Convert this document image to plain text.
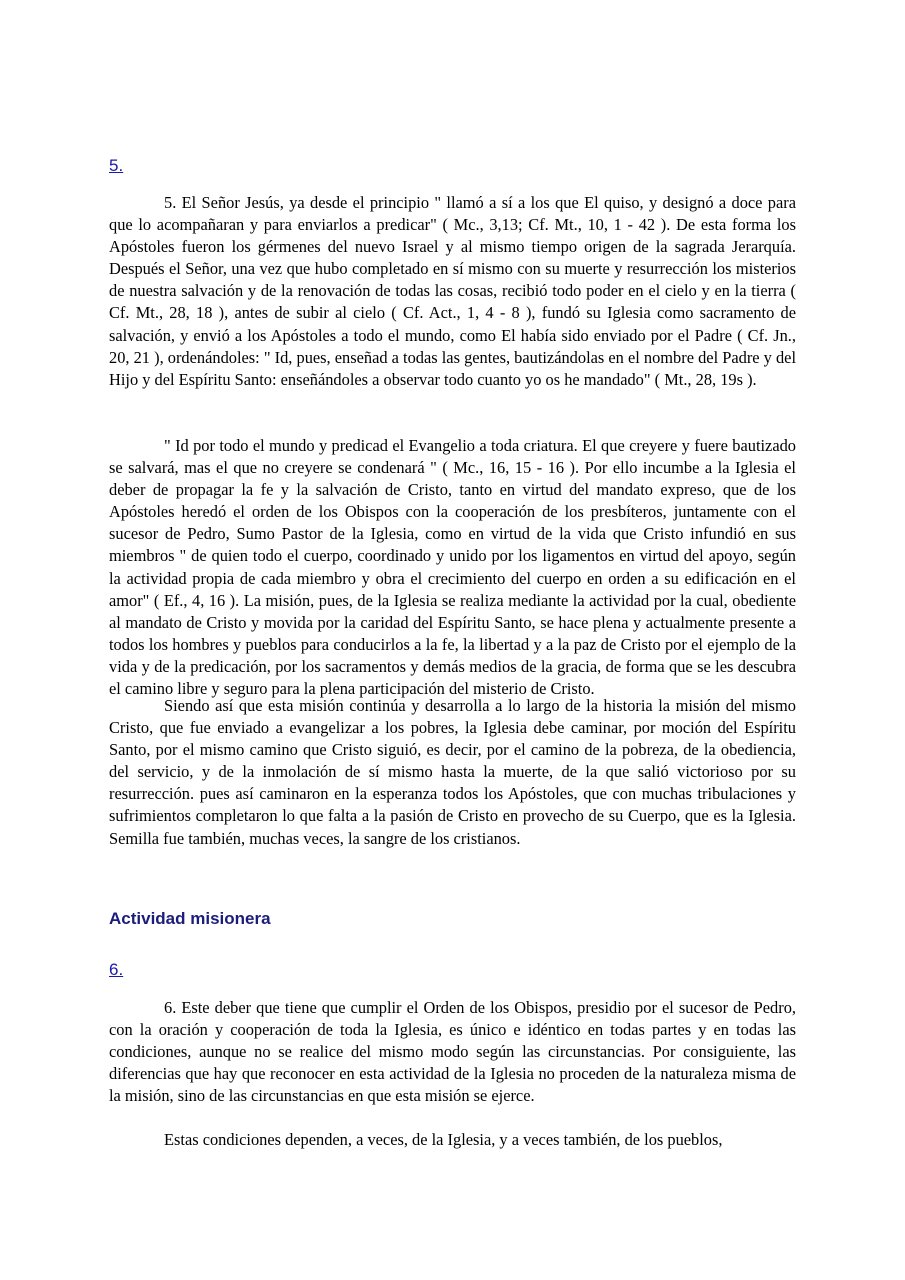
5.

5. El Señor Jesús, ya desde el principio " llamó a sí a los que El quiso, y designó a doce para que lo acompañaran y para enviarlos a predicar" ( Mc., 3,13; Cf. Mt., 10, 1 - 42 ). De esta forma los Apóstoles fueron los gérmenes del nuevo Israel y al mismo tiempo origen de la sagrada Jerarquía. Después el Señor, una vez que hubo completado en sí mismo con su muerte y resurrección los misterios de nuestra salvación y de la renovación de todas las cosas, recibió todo poder en el cielo y en la tierra ( Cf. Mt., 28, 18 ), antes de subir al cielo ( Cf. Act., 1, 4 - 8 ), fundó su Iglesia como sacramento de salvación, y envió a los Apóstoles a todo el mundo, como El había sido enviado por el Padre ( Cf. Jn., 20, 21 ), ordenándoles: " Id, pues, enseñad a todas las gentes, bautizándolas en el nombre del Padre y del Hijo y del Espíritu Santo: enseñándoles a observar todo cuanto yo os he mandado" ( Mt., 28, 19s ).

" Id por todo el mundo y predicad el Evangelio a toda criatura. El que creyere y fuere bautizado se salvará, mas el que no creyere se condenará " ( Mc., 16, 15 - 16 ). Por ello incumbe a la Iglesia el deber de propagar la fe y la salvación de Cristo, tanto en virtud del mandato expreso, que de los Apóstoles heredó el orden de los Obispos con la cooperación de los presbíteros, juntamente con el sucesor de Pedro, Sumo Pastor de la Iglesia, como en virtud de la vida que Cristo infundió en sus miembros " de quien todo el cuerpo, coordinado y unido por los ligamentos en virtud del apoyo, según la actividad propia de cada miembro y obra el crecimiento del cuerpo en orden a su edificación en el amor" ( Ef., 4, 16 ). La misión, pues, de la Iglesia se realiza mediante la actividad por la cual, obediente al mandato de Cristo y movida por la caridad del Espíritu Santo, se hace plena y actualmente presente a todos los hombres y pueblos para conducirlos a la fe, la libertad y a la paz de Cristo por el ejemplo de la vida y de la predicación, por los sacramentos y demás medios de la gracia, de forma que se les descubra el camino libre y seguro para la plena participación del misterio de Cristo.

Siendo así que esta misión continúa y desarrolla a lo largo de la historia la misión del mismo Cristo, que fue enviado a evangelizar a los pobres, la Iglesia debe caminar, por moción del Espíritu Santo, por el mismo camino que Cristo siguió, es decir, por el camino de la pobreza, de la obediencia, del servicio, y de la inmolación de sí mismo hasta la muerte, de la que salió victorioso por su resurrección. pues así caminaron en la esperanza todos los Apóstoles, que con muchas tribulaciones y sufrimientos completaron lo que falta a la pasión de Cristo en provecho de su Cuerpo, que es la Iglesia. Semilla fue también, muchas veces, la sangre de los cristianos.

Actividad misionera
6.

6. Este deber que tiene que cumplir el Orden de los Obispos, presidio por el sucesor de Pedro, con la oración y cooperación de toda la Iglesia, es único e idéntico en todas partes y en todas las condiciones, aunque no se realice del mismo modo según las circunstancias. Por consiguiente, las diferencias que hay que reconocer en esta actividad de la Iglesia no proceden de la naturaleza misma de la misión, sino de las circunstancias en que esta misión se ejerce.

Estas condiciones dependen, a veces, de la Iglesia, y a veces también, de los pueblos,
